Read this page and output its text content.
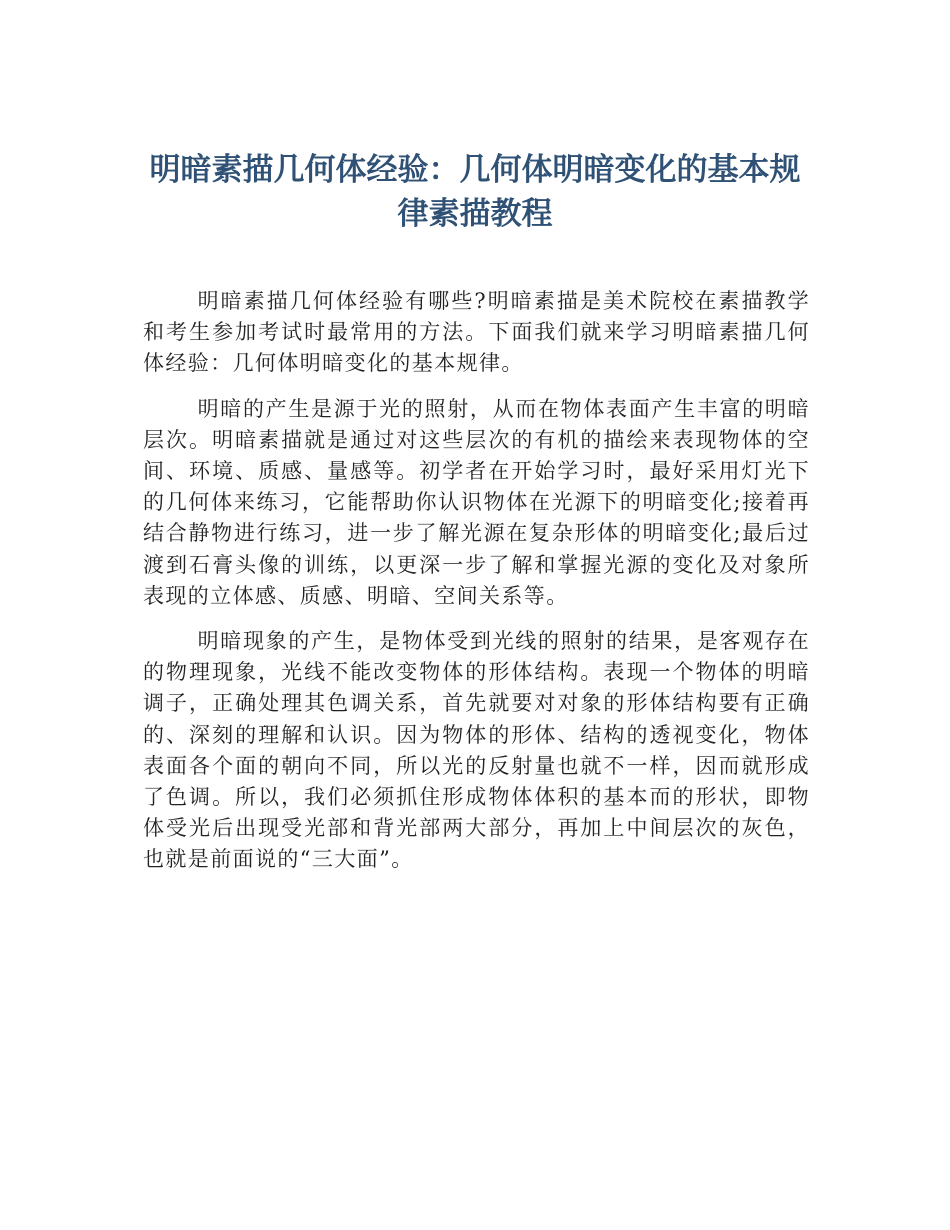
明暗素描几何体经验：几何体明暗变化的基本规律素描教程

明暗素描几何体经验有哪些?明暗素描是美术院校在素描教学和考生参加考试时最常用的方法。下面我们就来学习明暗素描几何体经验：几何体明暗变化的基本规律。

明暗的产生是源于光的照射，从而在物体表面产生丰富的明暗层次。明暗素描就是通过对这些层次的有机的描绘来表现物体的空间、环境、质感、量感等。初学者在开始学习时，最好采用灯光下的几何体来练习，它能帮助你认识物体在光源下的明暗变化;接着再结合静物进行练习，进一步了解光源在复杂形体的明暗变化;最后过渡到石膏头像的训练，以更深一步了解和掌握光源的变化及对象所表现的立体感、质感、明暗、空间关系等。

明暗现象的产生，是物体受到光线的照射的结果，是客观存在的物理现象，光线不能改变物体的形体结构。表现一个物体的明暗调子，正确处理其色调关系，首先就要对对象的形体结构要有正确的、深刻的理解和认识。因为物体的形体、结构的透视变化，物体表面各个面的朝向不同，所以光的反射量也就不一样，因而就形成了色调。所以，我们必须抓住形成物体体积的基本而的形状，即物体受光后出现受光部和背光部两大部分，再加上中间层次的灰色，也就是前面说的“三大面”。
